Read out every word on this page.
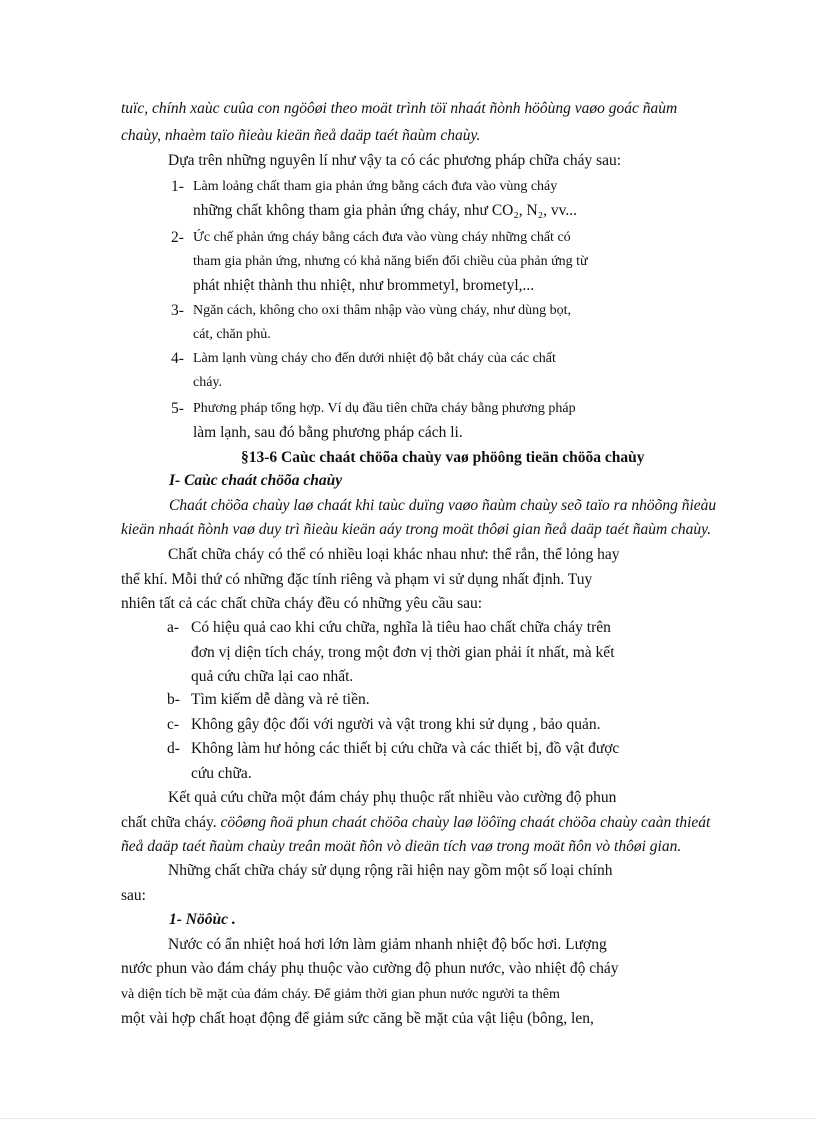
tuïc, chính xaùc cuûa con ngöôøi theo moät trình töï nhaát ñònh höôùng vaøo goác ñaùm
chaùy, nhaèm taïo ñieàu kieän ñeå daäp taét ñaùm chaùy.
Dựa trên những nguyên lí như vậy ta có các phương pháp chữa cháy sau:
1- Làm loảng chất tham gia phản ứng bằng cách đưa vào vùng cháy
những chất không tham gia phản ứng cháy, như CO₂, N₂, vv...
2- Ức chế phản ứng cháy bằng cách đưa vào vùng cháy những chất có
tham gia phản ứng, nhưng có khả năng biến đổi chiều của phản ứng từ
phát nhiệt thành thu nhiệt, như brommetyl, brometyl,...
3- Ngăn cách, không cho oxi thâm nhập vào vùng cháy, như dùng bọt,
cát, chăn phủ.
4- Làm lạnh vùng cháy cho đến dưới nhiệt độ bắt cháy của các chất
cháy.
5- Phương pháp tổng hợp. Ví dụ đầu tiên chữa cháy bằng phương pháp
làm lạnh, sau đó bằng phương pháp cách li.
§13-6 Caùc chaát chöõa chaùy vaø phöông tieän chöõa chaùy
I- Caùc chaát chöõa chaùy
Chaát chöõa chaùy laø chaát khi taùc duïng vaøo ñaùm chaùy seõ taïo ra nhöõng ñieàu
kieän nhaát ñònh vaø duy trì ñieàu kieän aáy trong moät thôøi gian ñeå daäp taét ñaùm chaùy.
Chất chữa cháy có thể có nhiều loại khác nhau như: thể rắn, thể lỏng hay
thể khí. Mỗi thứ có những đặc tính riêng và phạm vi sử dụng nhất định. Tuy
nhiên tất cả các chất chữa cháy đều có những yêu cầu sau:
a- Có hiệu quả cao khi cứu chữa, nghĩa là tiêu hao chất chữa cháy trên
đơn vị diện tích cháy, trong một đơn vị thời gian phải ít nhất, mà kết
quả cứu chữa lại cao nhất.
b- Tìm kiếm dễ dàng và rẻ tiền.
c- Không gây độc đối với người và vật trong khi sử dụng , bảo quản.
d- Không làm hư hỏng các thiết bị cứu chữa và các thiết bị, đồ vật được
cứu chữa.
Kết quả cứu chữa một đám cháy phụ thuộc rất nhiều vào cường độ phun
chất chữa cháy. cöôøng ñoä phun chaát chöõa chaùy laø löôïng chaát chöõa chaùy caàn thieát
ñeå daäp taét ñaùm chaùy treân moät ñôn vò dieän tích vaø trong moät ñôn vò thôøi gian.
Những chất chữa cháy sử dụng rộng rãi hiện nay gồm một số loại chính
sau:
1- Nöôùc .
Nước có ẩn nhiệt hoá hơi lớn làm giảm nhanh nhiệt độ bốc hơi. Lượng
nước phun vào đám cháy phụ thuộc vào cường độ phun nước, vào nhiệt độ cháy
và diện tích bề mặt của đám cháy. Để giảm thời gian phun nước người ta thêm
một vài hợp chất hoạt động để giảm sức căng bề mặt của vật liệu (bông, len,
